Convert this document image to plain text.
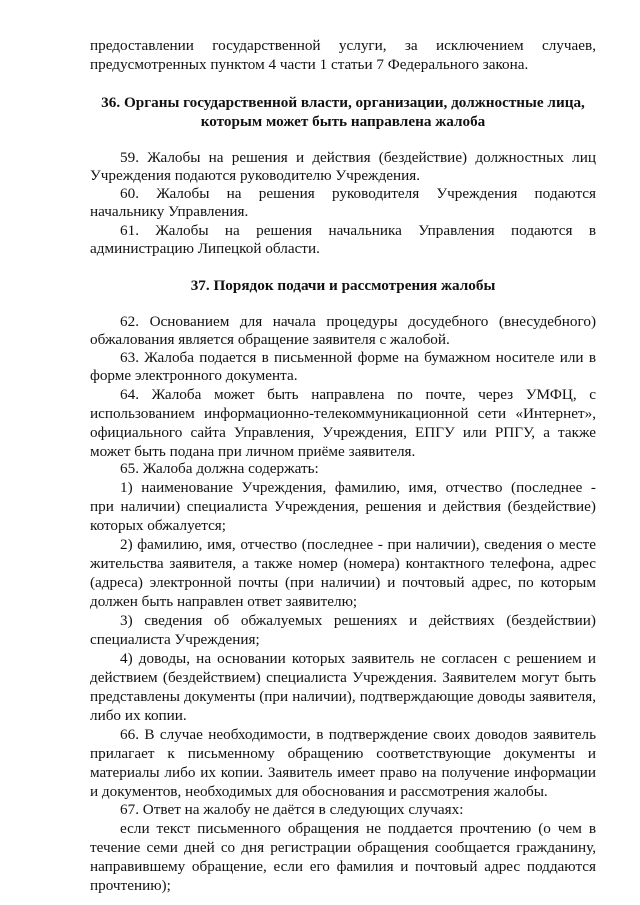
предоставлении государственной услуги, за исключением случаев,

предусмотренных пунктом 4 части 1 статьи 7 Федерального закона.

36. Органы государственной власти, организации, должностные лица,

которым может быть направлена жалоба

59. Жалобы на решения и действия (бездействие) должностных лиц

Учреждения подаются руководителю Учреждения.

60. Жалобы на решения руководителя Учреждения подаются

начальнику Управления.

61. Жалобы на решения начальника Управления подаются в

администрацию Липецкой области.

37. Порядок подачи и рассмотрения жалобы

62. Основанием для начала процедуры досудебного (внесудебного)

обжалования является обращение заявителя с жалобой.

63. Жалоба подается в письменной форме на бумажном носителе или в

форме электронного документа.

64. Жалоба может быть направлена по почте, через УМФЦ, с

использованием информационно-телекоммуникационной сети «Интернет»,

официального сайта Управления, Учреждения, ЕПГУ или РПГУ, а также

может быть подана при личном приёме заявителя.

65. Жалоба должна содержать:

1) наименование Учреждения, фамилию, имя, отчество (последнее -

при наличии) специалиста Учреждения, решения и действия (бездействие)

которых обжалуется;

2) фамилию, имя, отчество (последнее - при наличии), сведения о месте

жительства заявителя, а также номер (номера) контактного телефона, адрес

(адреса) электронной почты (при наличии) и почтовый адрес, по которым

должен быть направлен ответ заявителю;

3) сведения об обжалуемых решениях и действиях (бездействии)

специалиста Учреждения;

4) доводы, на основании которых заявитель не согласен с решением и

действием (бездействием) специалиста Учреждения. Заявителем могут быть

представлены документы (при наличии), подтверждающие доводы заявителя,

либо их копии.

66. В случае необходимости, в подтверждение своих доводов заявитель

прилагает к письменному обращению соответствующие документы и

материалы либо их копии. Заявитель имеет право на получение информации

и документов, необходимых для обоснования и рассмотрения жалобы.

67. Ответ на жалобу не даётся в следующих случаях:

если текст письменного обращения не поддается прочтению (о чем в

течение семи дней со дня регистрации обращения сообщается гражданину,

направившему обращение, если его фамилия и почтовый адрес поддаются

прочтению);
